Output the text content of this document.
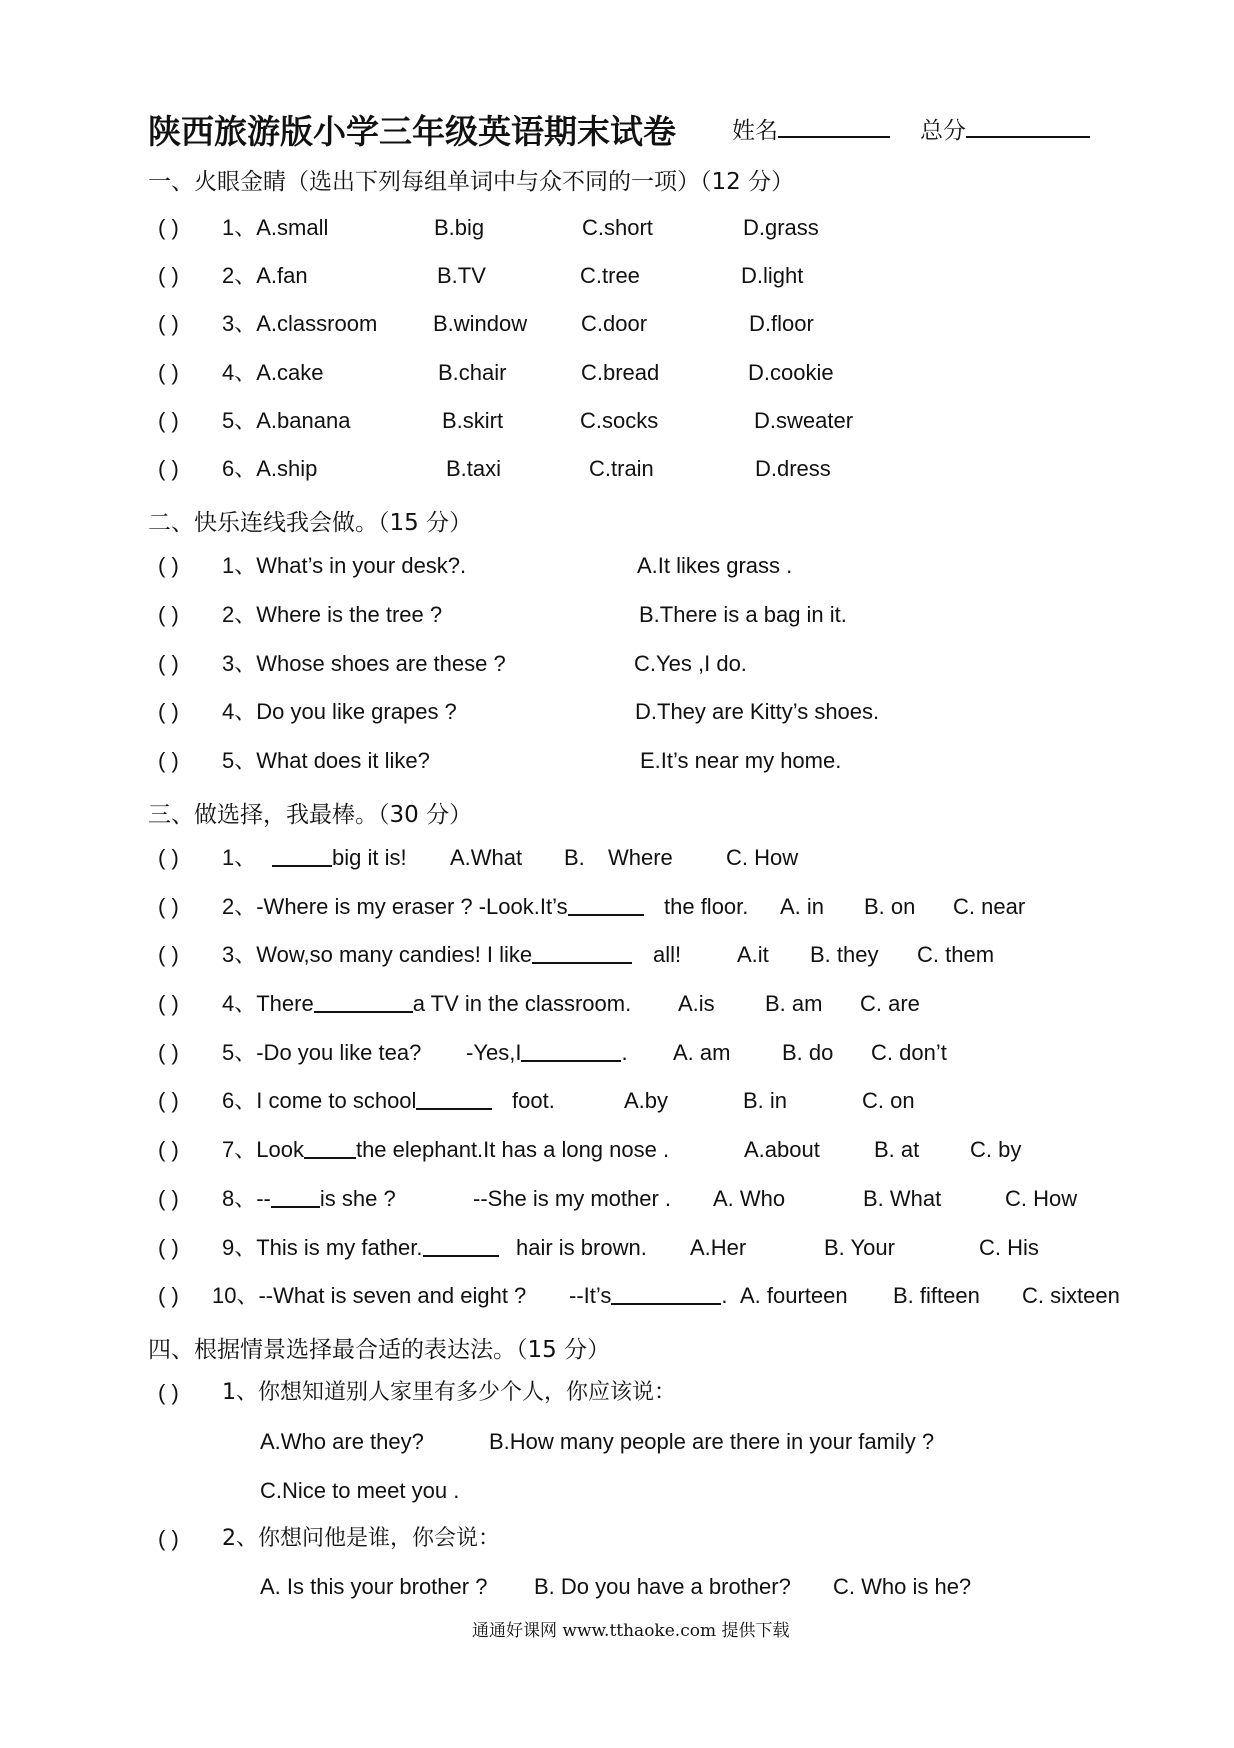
陕西旅游版小学三年级英语期末试卷 姓名	总分
一、火眼金睛（选出下列每组单词中与众不同的一项）（12 分）
( )	1、A.small	B.big	C.short	D.grass
( )	2、A.fan	B.TV	C.tree	D.light
( )	3、A.classroom	B.window C.door	D.floor
( )	4、A.cake	B.chair	C.bread	D.cookie
( )	5、A.banana	B.skirt	C.socks	D.sweater
( )	6、A.ship	B.taxi	C.train	D.dress
二、快乐连线我会做。（15 分）
( )	1、What’s in your desk?.	A.It likes grass .
( )	2、Where is the tree ?	B.There is a bag in it.
( )	3、Whose shoes are these ?	C.Yes ,I do.
( )	4、Do you like grapes ?	D.They are Kitty’s shoes.
( )	5、What does it like?	E.It’s near my home.
三、做选择，我最棒。（30 分）
( )	1、	big it is! A.What B. Where C. How
( )	2、-Where is my eraser ? -Look.It’s	the floor. A. in B. on C. near
( )	3、Wow,so many candies! I like	all!	A.it B. they C. them
( )	4、There	a TV in the classroom. A.is B. am C. are
( )	5、-Do you like tea? -Yes,I	. A. am B. do C. don’t
( )	6、I come to school	foot.	A.by	B. in	C. on
( )	7、Look the elephant.It has a long nose .	A.about B. at C. by
( )	8、-- is she ?	--She is my mother . A. Who	B. What	C. How
( )	9、This is my father.	hair is brown. A.Her	B. Your	C. His
( ) 10、--What is seven and eight ? --It’s	. A. fourteen B. fifteen C. sixteen
四、根据情景选择最合适的表达法。（15 分）
( )	1、你想知道别人家里有多少个人，你应该说：
A.Who are they?	B.How many people are there in your family ?
C.Nice to meet you .
( )	2、你想问他是谁，你会说：
A. Is this your brother ? B. Do you have a brother? C. Who is he?
通通好课网 www.tthaoke.com 提供下载
